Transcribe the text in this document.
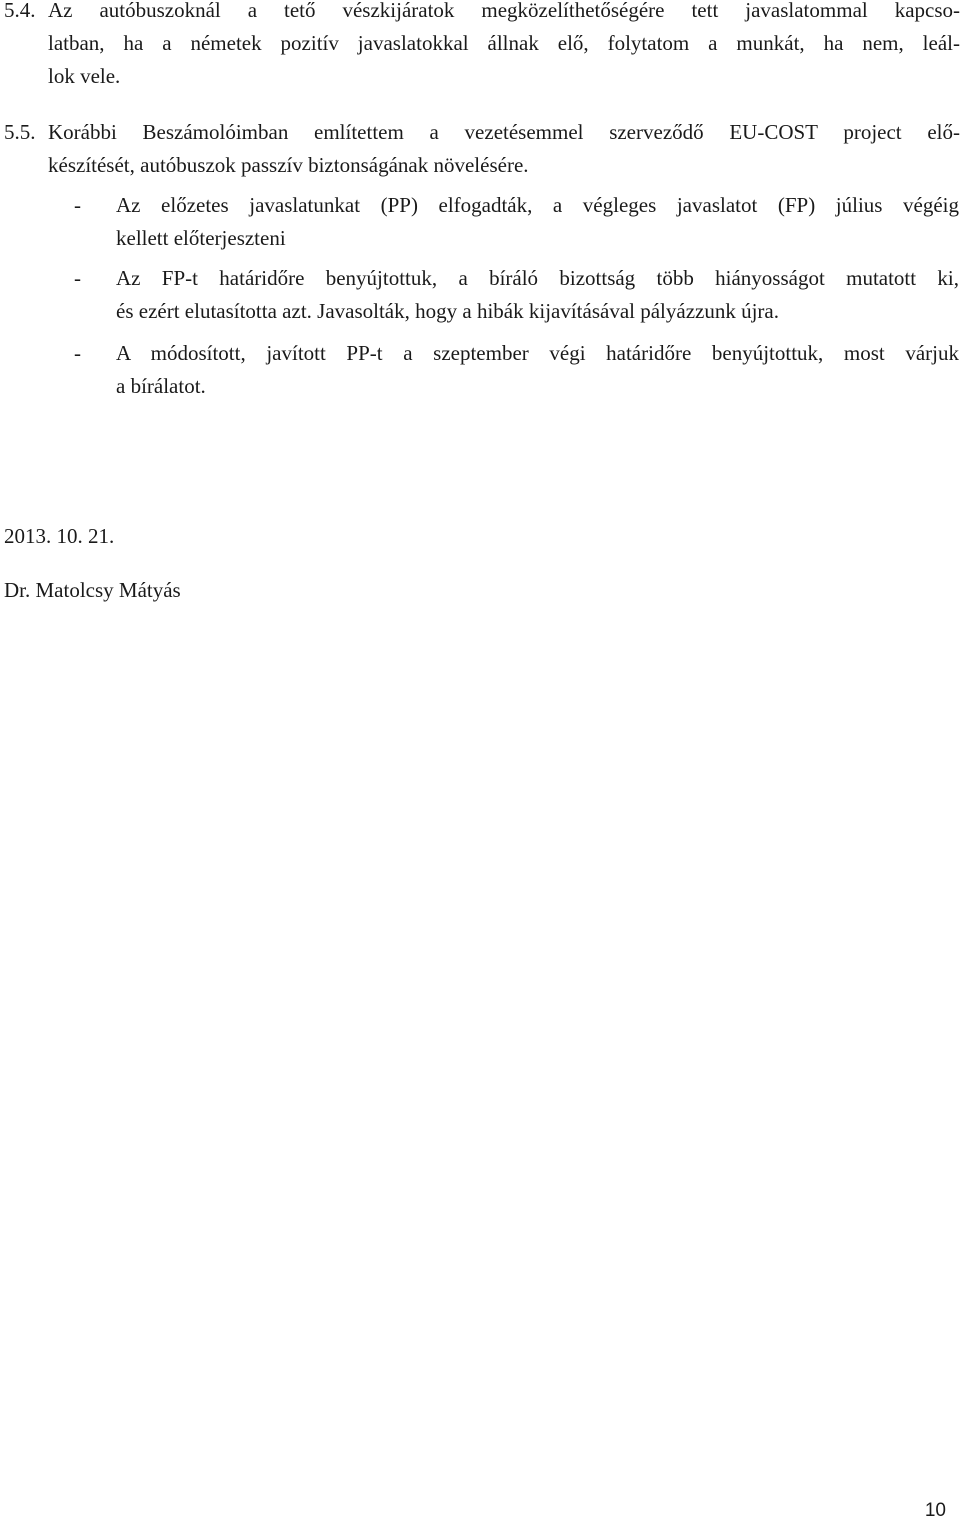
5.4. Az autóbuszoknál a tető vészkijáratok megközelíthetőségére tett javaslatommal kapcso-
latban, ha a németek pozitív javaslatokkal állnak elő, folytatom a munkát, ha nem, leál-
lok vele.
5.5. Korábbi Beszámolóimban említettem a vezetésemmel szerveződő EU-COST project elő-
készítését, autóbuszok passzív biztonságának növelésére.
-	Az előzetes javaslatunkat (PP) elfogadták, a végleges javaslatot (FP) július végéig
kellett előterjeszteni
-	Az FP-t határidőre benyújtottuk, a bíráló bizottság több hiányosságot mutatott ki,
és ezért elutasította azt. Javasolták, hogy a hibák kijavításával pályázzunk újra.
-	A módosított, javított PP-t a szeptember végi határidőre benyújtottuk, most várjuk
a bírálatot.
2013. 10. 21.
Dr. Matolcsy Mátyás
10
